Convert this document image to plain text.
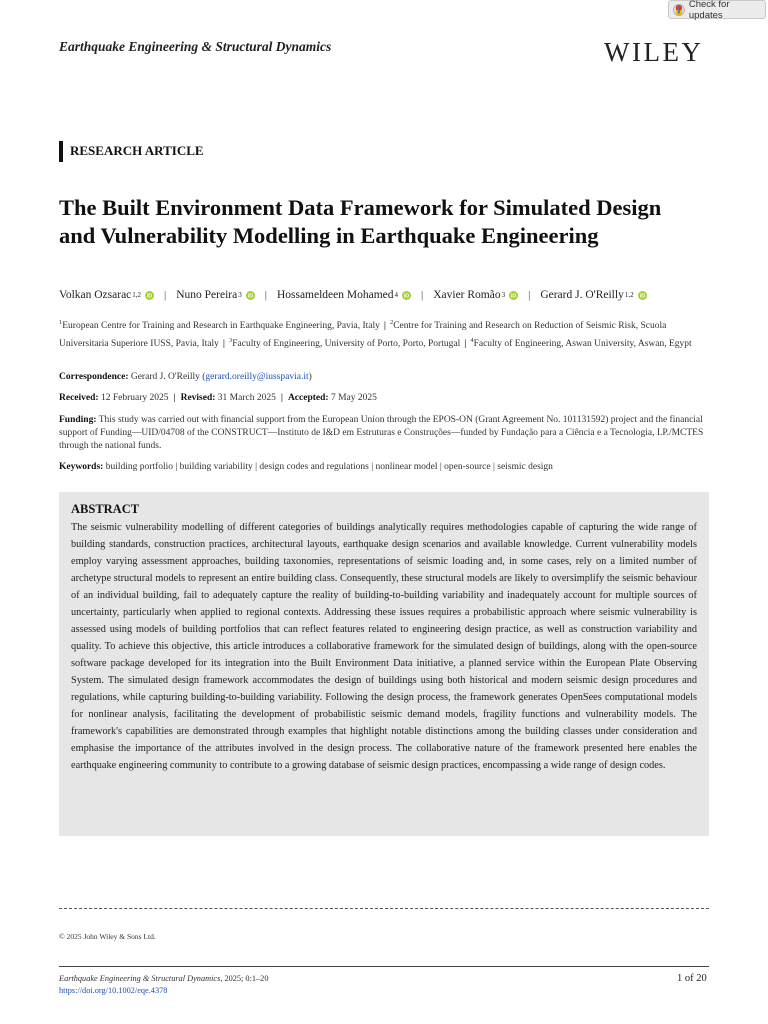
Check for updates
Earthquake Engineering & Structural Dynamics	WILEY
RESEARCH ARTICLE
The Built Environment Data Framework for Simulated Design and Vulnerability Modelling in Earthquake Engineering
Volkan Ozsarac 1,2 iD | Nuno Pereira 3 iD | Hossameldeen Mohamed 4 iD | Xavier Romão 3 iD | Gerard J. O'Reilly 1,2 iD
$^1$European Centre for Training and Research in Earthquake Engineering, Pavia, Italy | $^2$Centre for Training and Research on Reduction of Seismic Risk, Scuola Universitaria Superiore IUSS, Pavia, Italy | $^3$Faculty of Engineering, University of Porto, Porto, Portugal | $^4$Faculty of Engineering, Aswan University, Aswan, Egypt
Correspondence: Gerard J. O'Reilly (gerard.oreilly@iusspavia.it)
Received: 12 February 2025 | Revised: 31 March 2025 | Accepted: 7 May 2025
Funding: This study was carried out with financial support from the European Union through the EPOS-ON (Grant Agreement No. 101131592) project and the financial support of Funding—UID/04708 of the CONSTRUCT—Instituto de I&D em Estruturas e Construções—funded by Fundação para a Ciência e a Tecnologia, I.P./MCTES through the national funds.
Keywords: building portfolio | building variability | design codes and regulations | nonlinear model | open-source | seismic design
ABSTRACT

The seismic vulnerability modelling of different categories of buildings analytically requires methodologies capable of capturing the wide range of building standards, construction practices, architectural layouts, earthquake design scenarios and available knowledge. Current vulnerability models employ varying assessment approaches, building taxonomies, representations of seismic loading and, in some cases, rely on a limited number of archetype structural models to represent an entire building class. Consequently, these structural models are likely to oversimplify the seismic behaviour of an individual building, fail to adequately capture the reality of building-to-building variability and inadequately account for multiple sources of uncertainty, particularly when applied to regional contexts. Addressing these issues requires a probabilistic approach where seismic vulnerability is assessed using models of building portfolios that can reflect features related to engineering design practice, as well as construction variability and quality. To achieve this objective, this article introduces a collaborative framework for the simulated design of buildings, along with the open-source software package developed for its integration into the Built Environment Data initiative, a planned service within the European Plate Observing System. The simulated design framework accommodates the design of buildings using both historical and modern seismic design procedures and regulations, while capturing building-to-building variability. Following the design process, the framework generates OpenSees computational models for nonlinear analysis, facilitating the development of probabilistic seismic demand models, fragility functions and vulnerability models. The framework's capabilities are demonstrated through examples that highlight notable distinctions among the building classes under consideration and emphasise the importance of the attributes involved in the design process. The collaborative nature of the framework presented here enables the earthquake engineering community to contribute to a growing database of seismic design practices, encompassing a wide range of design codes.

© 2025 John Wiley & Sons Ltd.
Earthquake Engineering & Structural Dynamics, 2025; 0:1–20
https://doi.org/10.1002/eqe.4378
1 of 20
